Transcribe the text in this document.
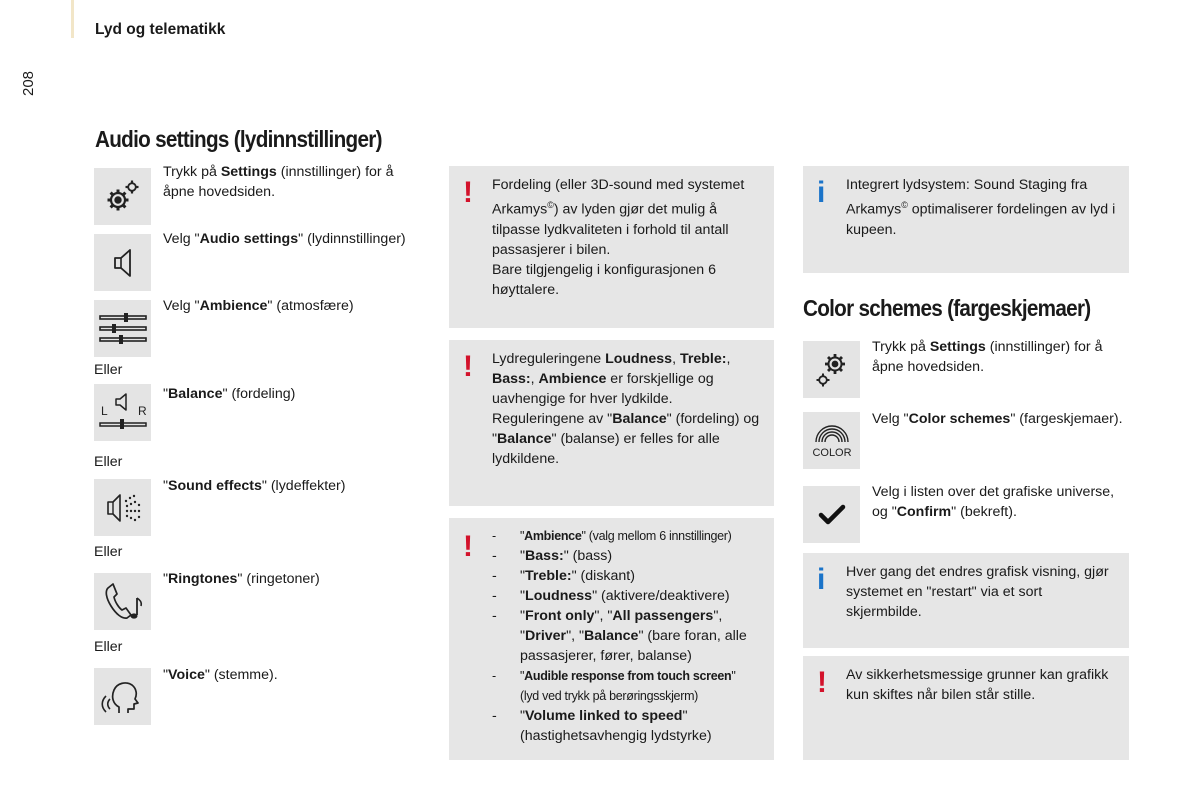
Lyd og telematikk
208
Audio settings (lydinnstillinger)
Trykk på Settings (innstillinger) for å åpne hovedsiden.
Velg "Audio settings" (lydinnstillinger)
Velg "Ambience" (atmosfære)
Eller
L	R
"Balance" (fordeling)
Eller
"Sound effects" (lydeffekter)
Eller
"Ringtones" (ringetoner)
Eller
"Voice" (stemme).
! Fordeling (eller 3D-sound med systemet Arkamys©) av lyden gjør det mulig å tilpasse lydkvaliteten i forhold til antall passasjerer i bilen.
Bare tilgjengelig i konfigurasjonen 6 høyttalere.
! Lydreguleringene Loudness, Treble:, Bass:, Ambience er forskjellige og uavhengige for hver lydkilde.
Reguleringene av "Balance" (fordeling) og "Balance" (balanse) er felles for alle lydkildene.
!	-	"Ambience" (valg mellom 6 innstillinger)
-	"Bass:" (bass)
-	"Treble:" (diskant)
-	"Loudness" (aktivere/deaktivere)
-	"Front only", "All passengers", "Driver", "Balance" (bare foran, alle passasjerer, fører, balanse)
-	"Audible response from touch screen"
(lyd ved trykk på berøringsskjerm)
-	"Volume linked to speed"
(hastighetsavhengig lydstyrke)
i	Integrert lydsystem: Sound Staging fra Arkamys© optimaliserer fordelingen av lyd i kupeen.
Color schemes (fargeskjemaer)
Trykk på Settings (innstillinger) for å åpne hovedsiden.
COLOR
Velg "Color schemes" (fargeskjemaer).
Velg i listen over det grafiske universe, og "Confirm" (bekreft).
i	Hver gang det endres grafisk visning, gjør systemet en "restart" via et sort skjermbilde.
! Av sikkerhetsmessige grunner kan grafikk kun skiftes når bilen står stille.
